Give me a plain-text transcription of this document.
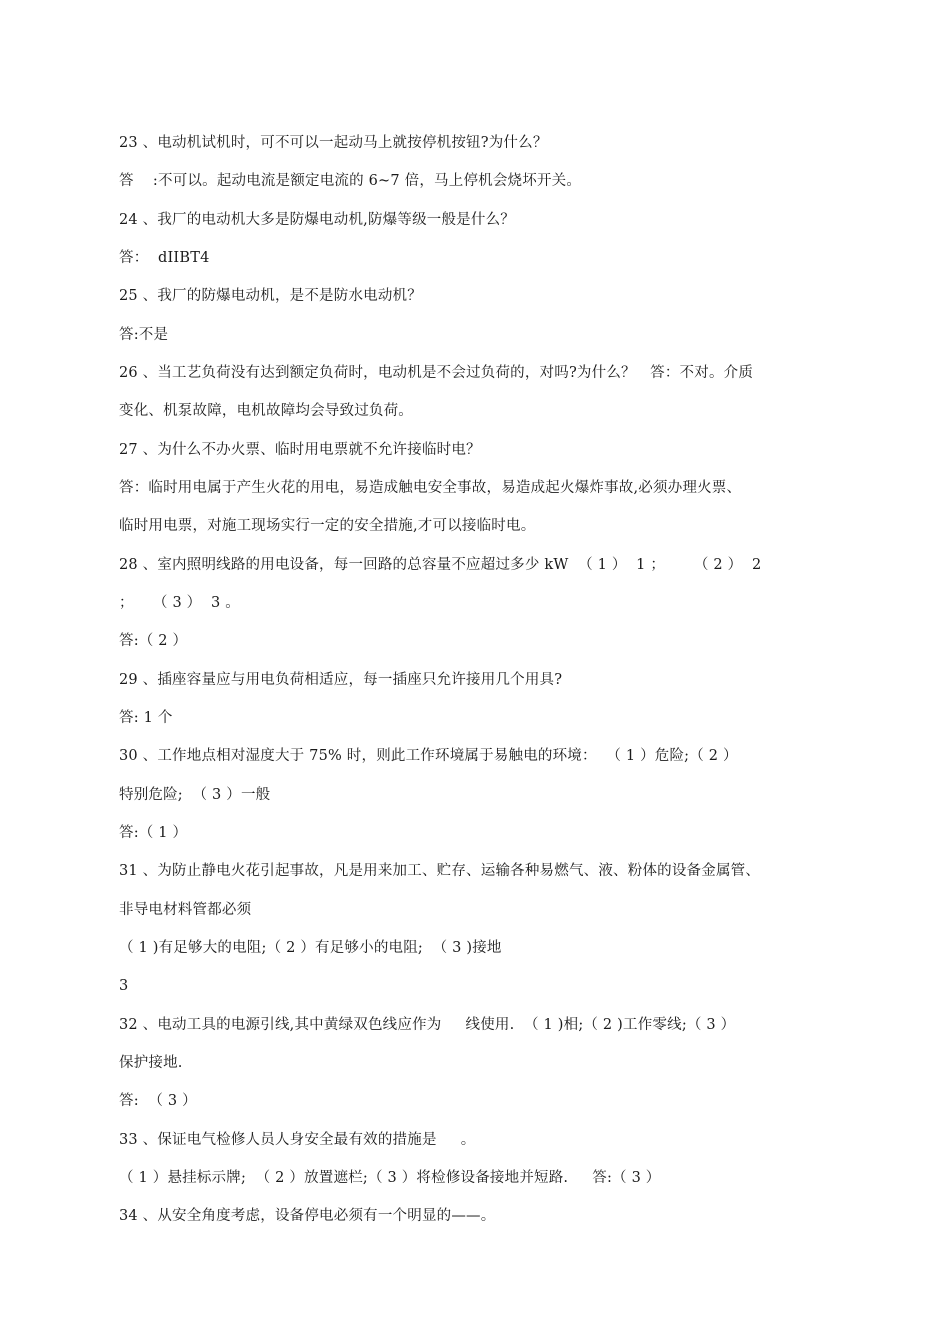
23 、电动机试机时，可不可以一起动马上就按停机按钮?为什么？
答    :不可以。起动电流是额定电流的 6~7 倍，马上停机会烧坏开关。
24 、我厂的电动机大多是防爆电动机,防爆等级一般是什么？
答：  dIIBT4
25 、我厂的防爆电动机，是不是防水电动机？
答:不是
26 、当工艺负荷没有达到额定负荷时，电动机是不会过负荷的，对吗?为什么？   答：不对。介质
变化、机泵故障，电机故障均会导致过负荷。
27 、为什么不办火票、临时用电票就不允许接临时电？
答：临时用电属于产生火花的用电，易造成触电安全事故，易造成起火爆炸事故,必须办理火票、
临时用电票，对施工现场实行一定的安全措施,才可以接临时电。
28 、室内照明线路的用电设备，每一回路的总容量不应超过多少 kW  （ 1 ）  1 ；      （ 2 ）  2
；    （ 3 ）  3 。
答:（ 2 ）
29 、插座容量应与用电负荷相适应，每一插座只允许接用几个用具?
答: 1 个
30 、工作地点相对湿度大于 75% 时，则此工作环境属于易触电的环境：  （ 1 ）危险;（ 2 ）
特别危险;  （ 3 ）一般
答:（ 1 ）
31 、为防止静电火花引起事故，凡是用来加工、贮存、运输各种易燃气、液、粉体的设备金属管、
非导电材料管都必须
（ 1 )有足够大的电阻;（ 2 ）有足够小的电阻;  （ 3 )接地
3
32 、电动工具的电源引线,其中黄绿双色线应作为     线使用.  （ 1 )相;（ 2 )工作零线;（ 3 ）
保护接地.
答:  （ 3 ）
33 、保证电气检修人员人身安全最有效的措施是     。
（ 1 ）悬挂标示牌;  （ 2 ）放置遮栏;（ 3 ）将检修设备接地并短路.     答:（ 3 ）
34 、从安全角度考虑，设备停电必须有一个明显的——。
